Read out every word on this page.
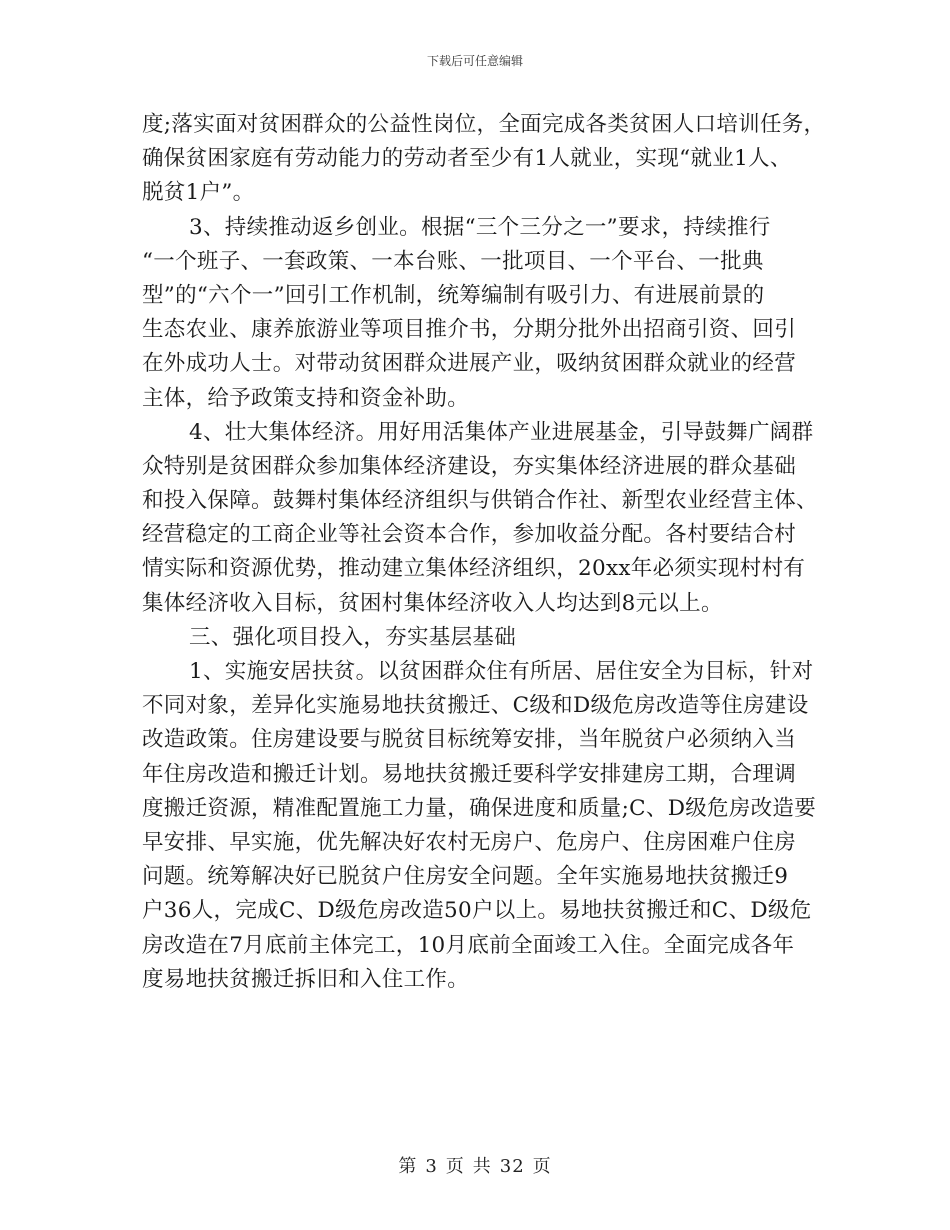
下载后可任意编辑
度;落实面对贫困群众的公益性岗位，全面完成各类贫困人口培训任务，
确保贫困家庭有劳动能力的劳动者至少有1人就业，实现“就业1人、
脱贫1户”。
3、持续推动返乡创业。根据“三个三分之一”要求，持续推行
“一个班子、一套政策、一本台账、一批项目、一个平台、一批典
型”的“六个一”回引工作机制，统筹编制有吸引力、有进展前景的
生态农业、康养旅游业等项目推介书，分期分批外出招商引资、回引
在外成功人士。对带动贫困群众进展产业，吸纳贫困群众就业的经营
主体，给予政策支持和资金补助。
4、壮大集体经济。用好用活集体产业进展基金，引导鼓舞广阔群
众特别是贫困群众参加集体经济建设，夯实集体经济进展的群众基础
和投入保障。鼓舞村集体经济组织与供销合作社、新型农业经营主体、
经营稳定的工商企业等社会资本合作，参加收益分配。各村要结合村
情实际和资源优势，推动建立集体经济组织，20xx年必须实现村村有
集体经济收入目标，贫困村集体经济收入人均达到8元以上。
三、强化项目投入，夯实基层基础
1、实施安居扶贫。以贫困群众住有所居、居住安全为目标，针对
不同对象，差异化实施易地扶贫搬迁、C级和D级危房改造等住房建设
改造政策。住房建设要与脱贫目标统筹安排，当年脱贫户必须纳入当
年住房改造和搬迁计划。易地扶贫搬迁要科学安排建房工期，合理调
度搬迁资源，精准配置施工力量，确保进度和质量;C、D级危房改造要
早安排、早实施，优先解决好农村无房户、危房户、住房困难户住房
问题。统筹解决好已脱贫户住房安全问题。全年实施易地扶贫搬迁9
户36人，完成C、D级危房改造50户以上。易地扶贫搬迁和C、D级危
房改造在7月底前主体完工，10月底前全面竣工入住。全面完成各年
度易地扶贫搬迁拆旧和入住工作。
第 3 页 共 32 页
